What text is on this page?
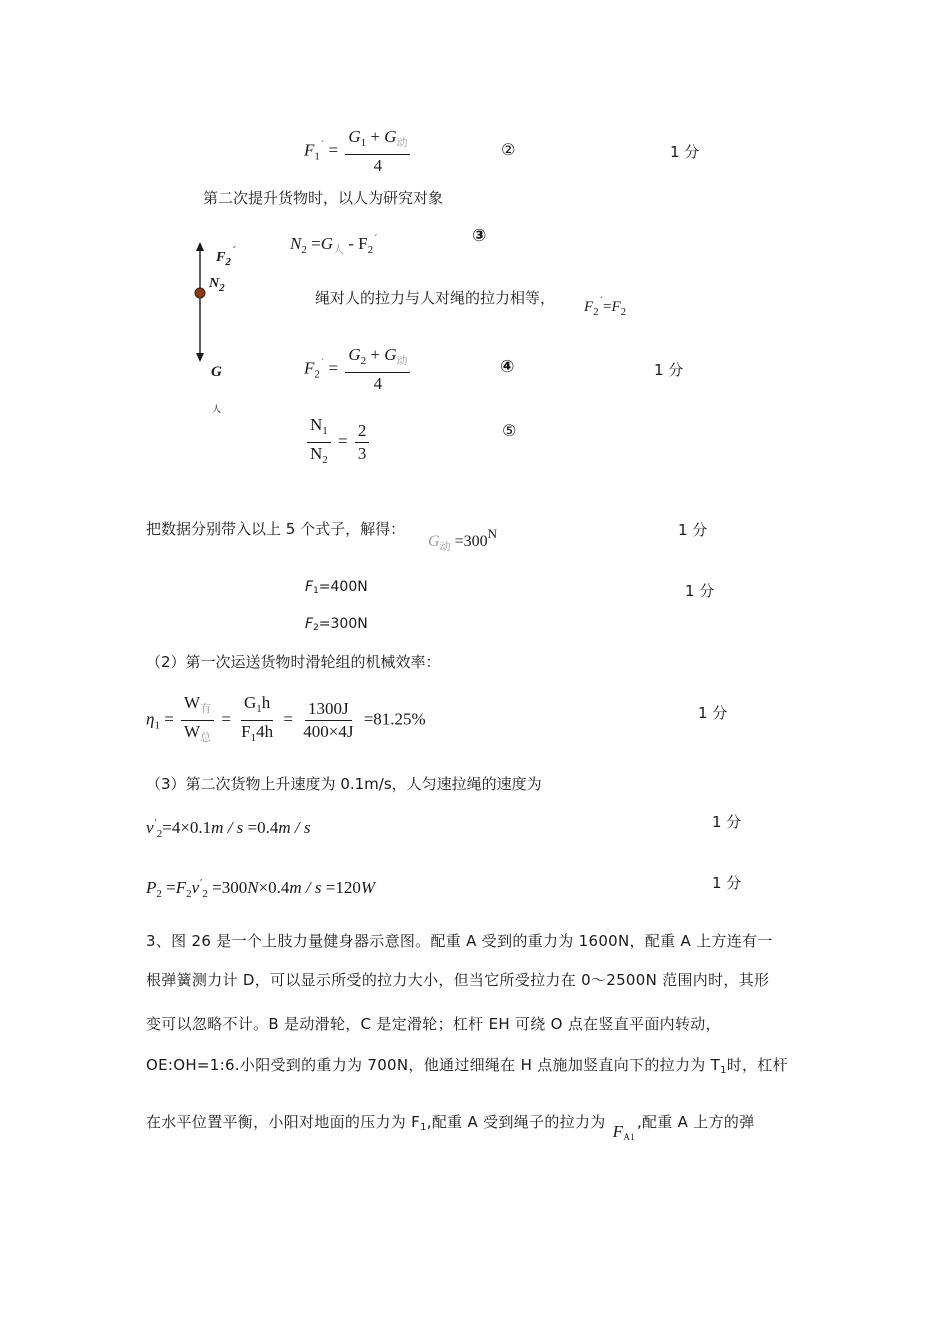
$F_1^´ = \frac{G_1 + G_动}{4}$	②	1 分
第二次提升货物时，以人为研究对象
$F_2^´$
$N_2$
G
人
$N_2 =G_人 - F_2^´$	③
绳对人的拉力与人对绳的拉力相等， $F_2^´=F_2$
$F_2^´ = \frac{G_2 + G_动}{4}$	④	1 分
$\frac{N_1}{N_2} = \frac{2}{3}$	⑤
把数据分别带入以上 5 个式子，解得：
$G_动 =300^N$	1 分
F1=400N	1 分
F2=300N
（2）第一次运送货物时滑轮组的机械效率：
$\eta_1 = \frac{W_有}{W_总} = \frac{G_1h}{F_14h} = \frac{1300J}{400\times 4J} =81.25\%$	1 分
（3）第二次货物上升速度为 0.1m/s，人匀速拉绳的速度为
$v'_2=4\times 0.1m / s =0.4m / s$	1 分
$P_2 =F_2v'_2 =300N\times 0.4m / s =120W$	1 分
3、图 26 是一个上肢力量健身器示意图。配重 A 受到的重力为 1600N，配重 A 上方连有一
根弹簧测力计 D，可以显示所受的拉力大小，但当它所受拉力在 0～2500N 范围内时，其形
变可以忽略不计。B 是动滑轮，C 是定滑轮；杠杆 EH 可绕 O 点在竖直平面内转动，
OE:OH=1:6.小阳受到的重力为 700N，他通过细绳在 H 点施加竖直向下的拉力为 $T_1$时，杠杆
在水平位置平衡，小阳对地面的压力为 $F_1$,配重 A 受到绳子的拉力为 FA1,配重 A 上方的弹
